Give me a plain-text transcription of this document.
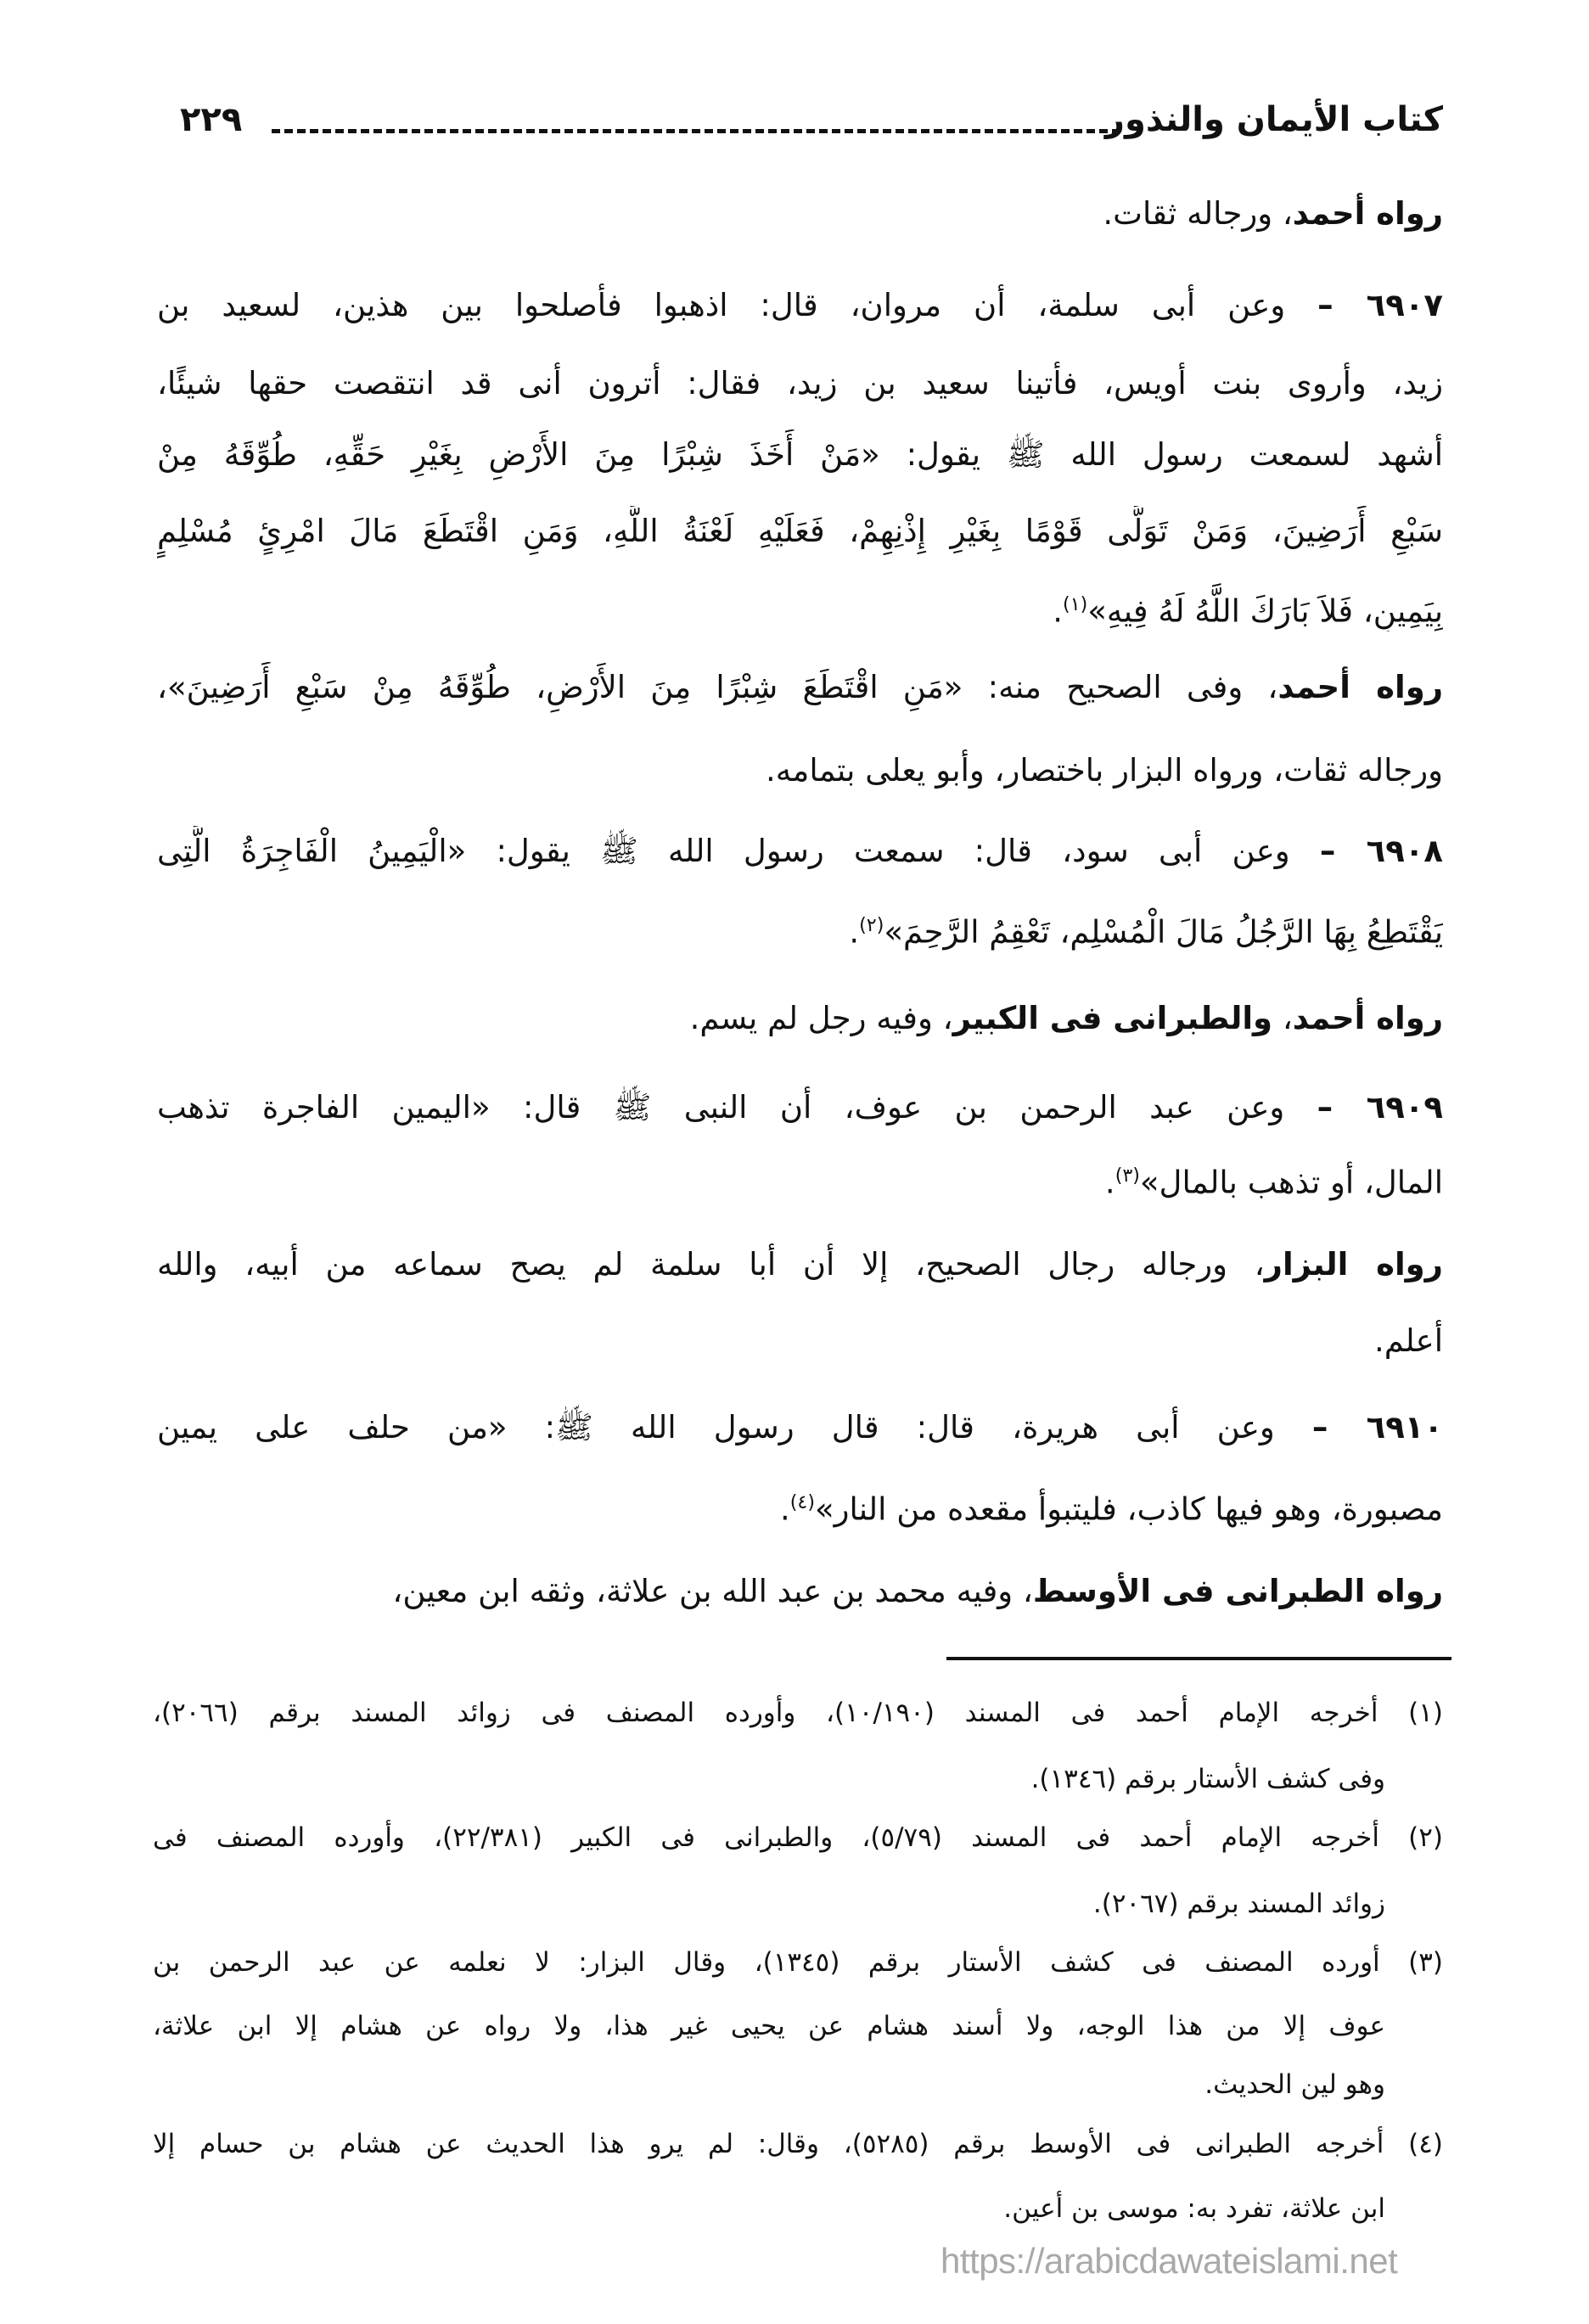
كتاب الأيمان والنذور
٢٢٩
رواه أحمد، ورجاله ثقات.
٦٩٠٧ – وعن أبى سلمة، أن مروان، قال: اذهبوا فأصلحوا بين هذين، لسعيد بن
زيد، وأروى بنت أويس، فأتينا سعيد بن زيد، فقال: أترون أنى قد انتقصت حقها شيئًا،
أشهد لسمعت رسول الله ﷺ يقول: «مَنْ أَخَذَ شِبْرًا مِنَ الأَرْضِ بِغَيْرِ حَقِّهِ، طُوِّقَهُ مِنْ
سَبْعِ أَرَضِينَ، وَمَنْ تَوَلَّى قَوْمًا بِغَيْرِ إِذْنِهِمْ، فَعَلَيْهِ لَعْنَةُ اللَّهِ، وَمَنِ اقْتَطَعَ مَالَ امْرِئٍ مُسْلِمٍ
بِيَمِينٍ، فَلاَ بَارَكَ اللَّهُ لَهُ فِيهِ»$^{(١)}$.
رواه أحمد، وفى الصحيح منه: «مَنِ اقْتَطَعَ شِبْرًا مِنَ الأَرْضِ، طُوِّقَهُ مِنْ سَبْعِ أَرَضِينَ»،
ورجاله ثقات، ورواه البزار باختصار، وأبو يعلى بتمامه.
٦٩٠٨ – وعن أبى سود، قال: سمعت رسول الله ﷺ يقول: «الْيَمِينُ الْفَاجِرَةُ الَّتِى
يَقْتَطِعُ بِهَا الرَّجُلُ مَالَ الْمُسْلِمِ، تَعْقِمُ الرَّحِمَ»$^{(٢)}$.
رواه أحمد، والطبرانى فى الكبير، وفيه رجل لم يسم.
٦٩٠٩ – وعن عبد الرحمن بن عوف، أن النبى ﷺ قال: «اليمين الفاجرة تذهب
المال، أو تذهب بالمال»$^{(٣)}$.
رواه البزار، ورجاله رجال الصحيح، إلا أن أبا سلمة لم يصح سماعه من أبيه، والله
أعلم.
٦٩١٠ – وعن أبى هريرة، قال: قال رسول الله ﷺ: «من حلف على يمين
مصبورة، وهو فيها كاذب، فليتبوأ مقعده من النار»$^{(٤)}$.
رواه الطبرانى فى الأوسط، وفيه محمد بن عبد الله بن علاثة، وثقه ابن معين،
(١) أخرجه الإمام أحمد فى المسند (١٠/١٩٠)، وأورده المصنف فى زوائد المسند برقم (٢٠٦٦)،
وفى كشف الأستار برقم (١٣٤٦).
(٢) أخرجه الإمام أحمد فى المسند (٥/٧٩)، والطبرانى فى الكبير (٢٢/٣٨١)، وأورده المصنف فى
زوائد المسند برقم (٢٠٦٧).
(٣) أورده المصنف فى كشف الأستار برقم (١٣٤٥)، وقال البزار: لا نعلمه عن عبد الرحمن بن
عوف إلا من هذا الوجه، ولا أسند هشام عن يحيى غير هذا، ولا رواه عن هشام إلا ابن علاثة،
وهو لين الحديث.
(٤) أخرجه الطبرانى فى الأوسط برقم (٥٢٨٥)، وقال: لم يرو هذا الحديث عن هشام بن حسام إلا
ابن علاثة، تفرد به: موسى بن أعين.
https://arabicdawateislami.net
